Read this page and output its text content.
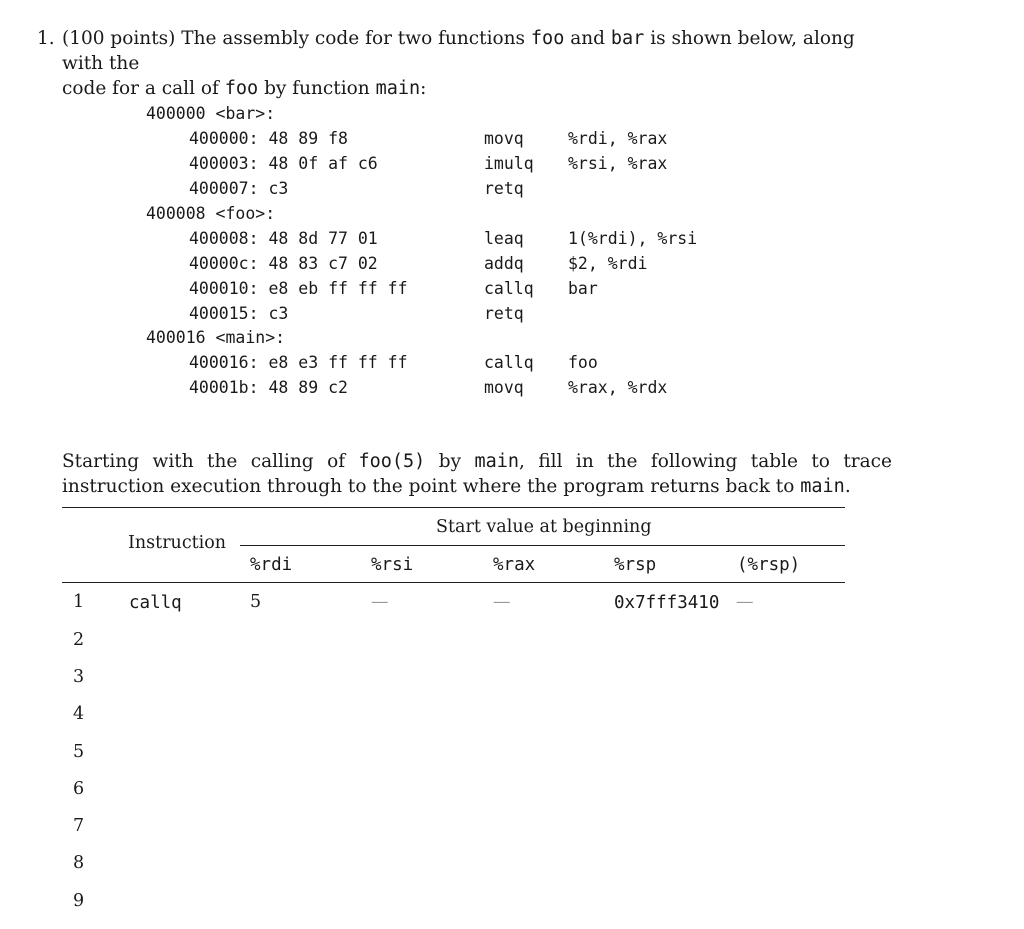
1. (100 points) The assembly code for two functions foo and bar is shown below, along with the
code for a call of foo by function main:
400000 <bar>:
400000: 48 89 f8	movq	%rdi, %rax
400003: 48 0f af c6	imulq %rsi, %rax
400007: c3	retq
400008 <foo>:
400008: 48 8d 77 01	leaq	1(%rdi), %rsi
40000c: 48 83 c7 02	addq	$2, %rdi
400010: e8 eb ff ff ff	callq bar
400015: c3	retq
400016 <main>:
400016: e8 e3 ff ff ff	callq foo
40001b: 48 89 c2	movq	%rax, %rdx
Starting with the calling of foo(5) by main, fill in the following table to trace instruction execution through to the point where the program returns back to main.
Start value at beginning
Instruction
%rdi	%rsi	%rax	%rsp	(%rsp)
1	callq	5	—	—	0x7fff3410 —
2
3
4
5
6
7
8
9
